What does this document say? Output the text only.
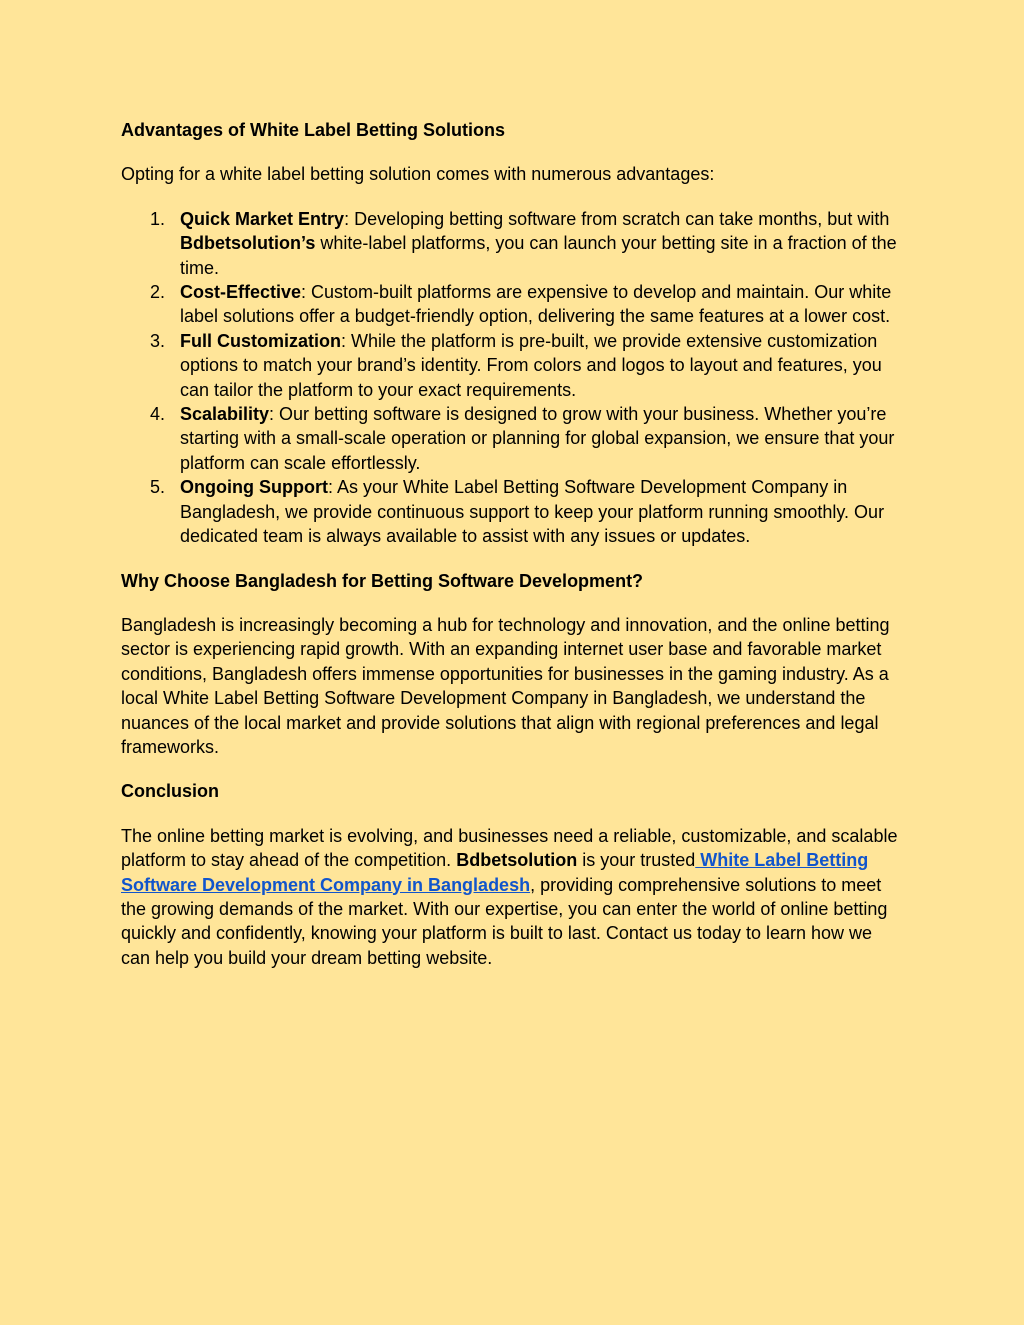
Advantages of White Label Betting Solutions

Opting for a white label betting solution comes with numerous advantages:

1. Quick Market Entry: Developing betting software from scratch can take months, but with Bdbetsolution’s white-label platforms, you can launch your betting site in a fraction of the time.
2. Cost-Effective: Custom-built platforms are expensive to develop and maintain. Our white label solutions offer a budget-friendly option, delivering the same features at a lower cost.
3. Full Customization: While the platform is pre-built, we provide extensive customization options to match your brand’s identity. From colors and logos to layout and features, you can tailor the platform to your exact requirements.
4. Scalability: Our betting software is designed to grow with your business. Whether you’re starting with a small-scale operation or planning for global expansion, we ensure that your platform can scale effortlessly.
5. Ongoing Support: As your White Label Betting Software Development Company in Bangladesh, we provide continuous support to keep your platform running smoothly. Our dedicated team is always available to assist with any issues or updates.
Why Choose Bangladesh for Betting Software Development?

Bangladesh is increasingly becoming a hub for technology and innovation, and the online betting sector is experiencing rapid growth. With an expanding internet user base and favorable market conditions, Bangladesh offers immense opportunities for businesses in the gaming industry. As a local White Label Betting Software Development Company in Bangladesh, we understand the nuances of the local market and provide solutions that align with regional preferences and legal frameworks.

Conclusion

The online betting market is evolving, and businesses need a reliable, customizable, and scalable platform to stay ahead of the competition. Bdbetsolution is your trusted White Label Betting Software Development Company in Bangladesh, providing comprehensive solutions to meet the growing demands of the market. With our expertise, you can enter the world of online betting quickly and confidently, knowing your platform is built to last. Contact us today to learn how we can help you build your dream betting website.
